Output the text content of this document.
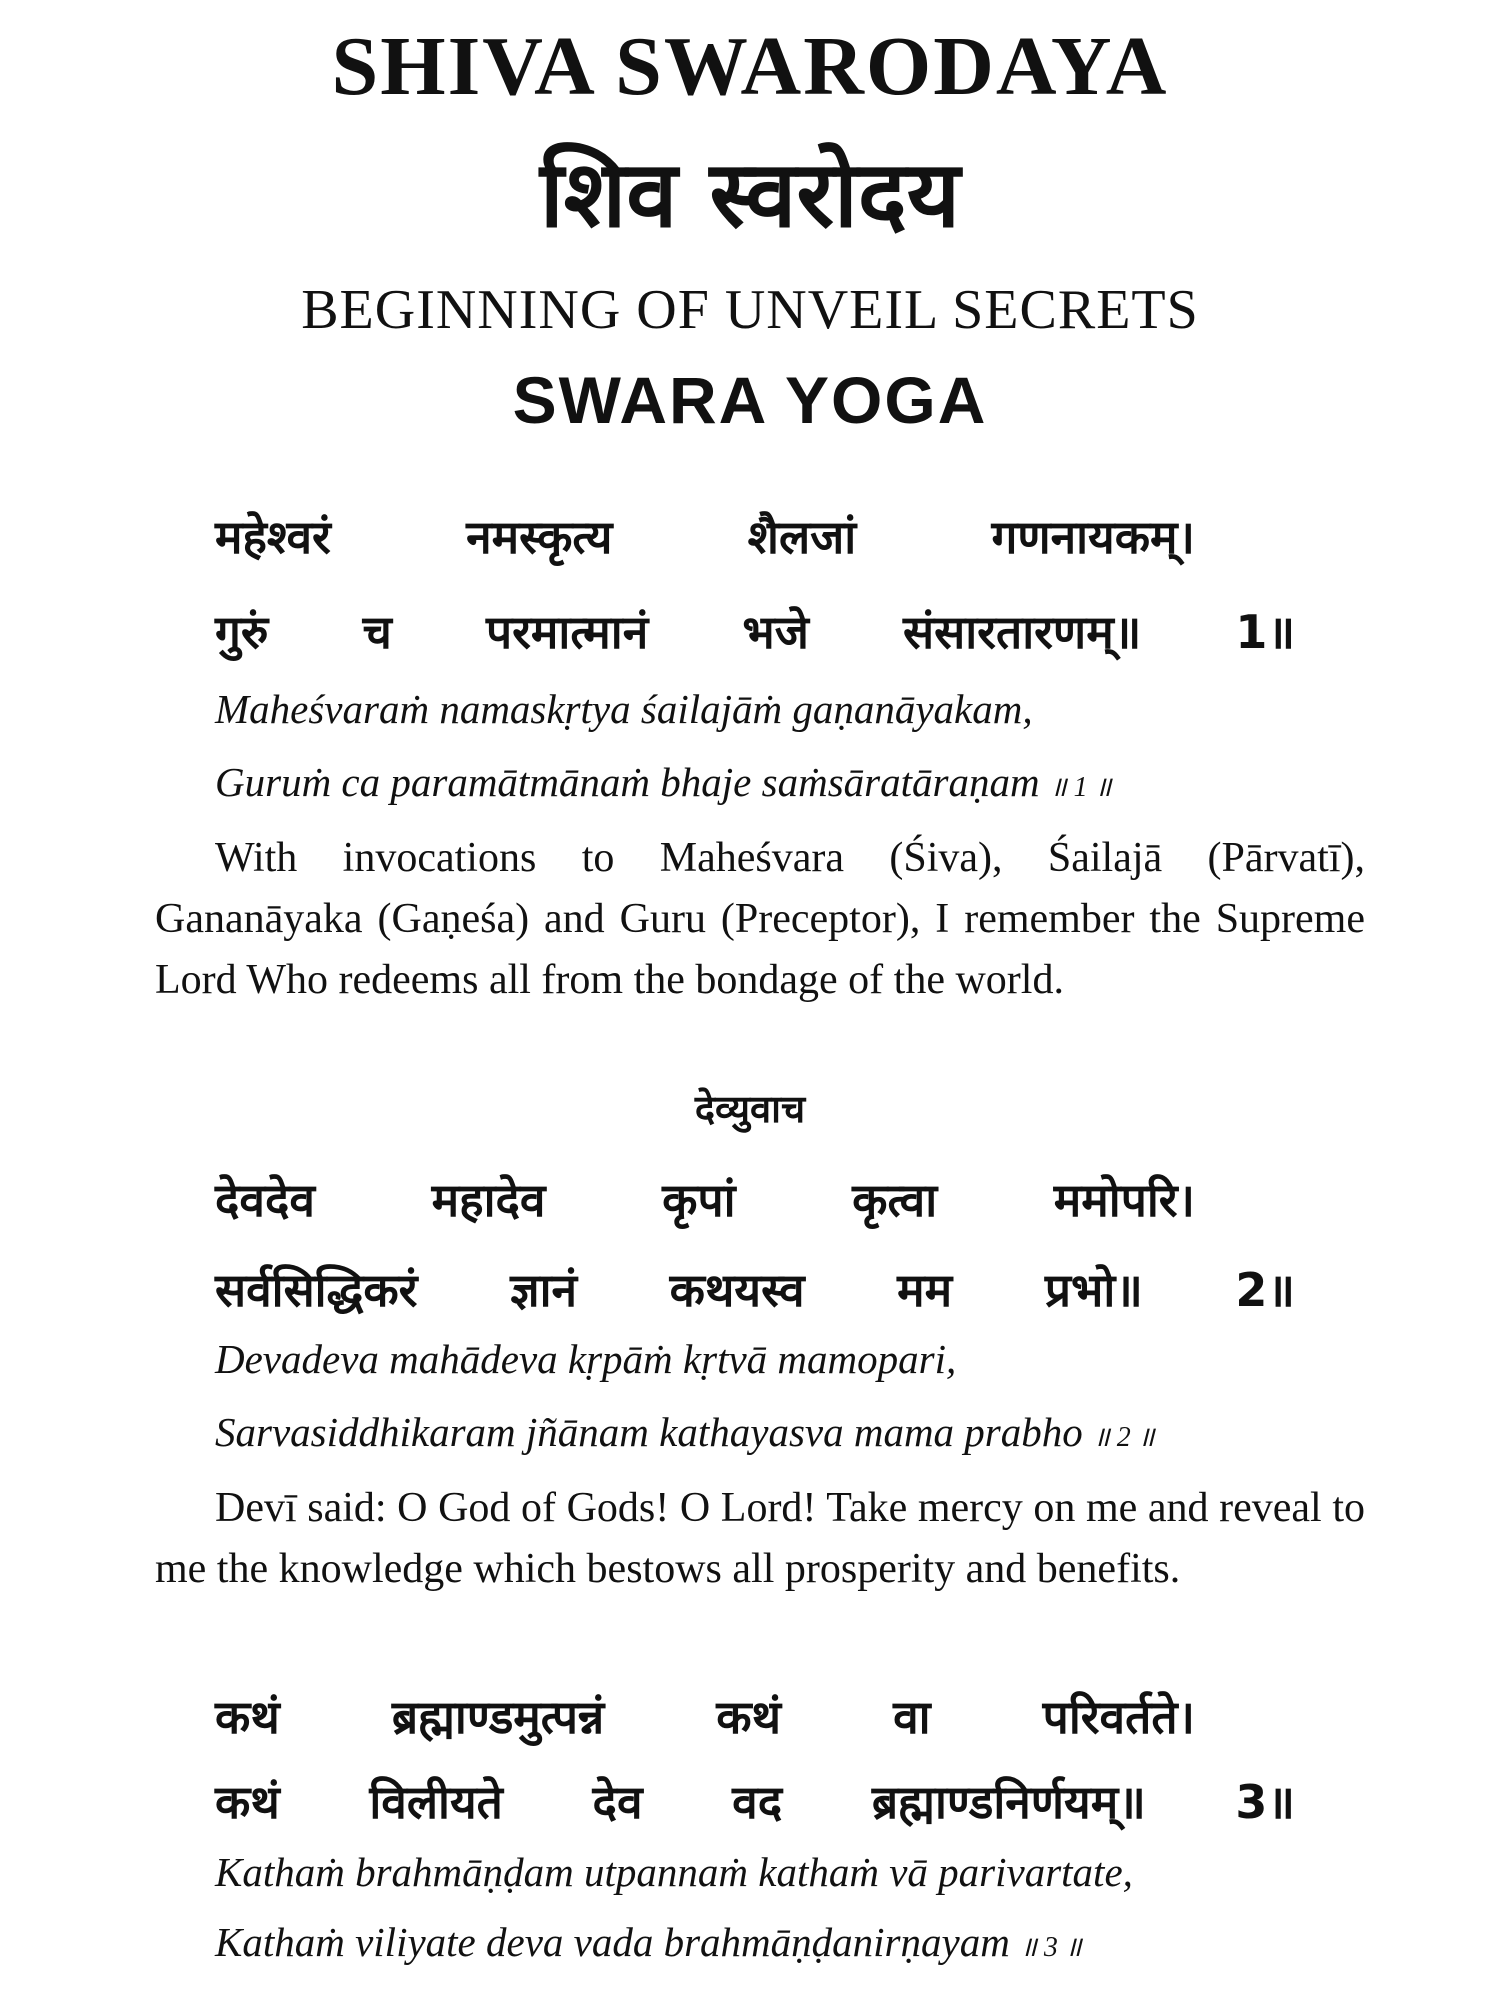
SHIVA SWARODAYA
शिव स्वरोदय
BEGINNING OF UNVEIL SECRETS
SWARA YOGA
महेश्वरं नमस्कृत्य शैलजां गणनायकम्।
गुरुं च परमात्मानं भजे संसारतारणम्॥ 1॥
Maheśvaraṁ namaskṛtya śailajāṁ gaṇanāyakam,
Guruṁ ca paramātmānaṁ bhaje saṁsāratāraṇam ॥ 1 ॥
With invocations to Maheśvara (Śiva), Śailajā (Pārvatī), Gananāyaka (Gaṇeśa) and Guru (Preceptor), I remember the Supreme Lord Who redeems all from the bondage of the world.
देव्युवाच
देवदेव महादेव कृपां कृत्वा ममोपरि।
सर्वसिद्धिकरं ज्ञानं कथयस्व मम प्रभो॥ 2॥
Devadeva mahādeva kṛpāṁ kṛtvā mamopari,
Sarvasiddhikaram jñānam kathayasva mama prabho ॥ 2 ॥
Devī said: O God of Gods! O Lord! Take mercy on me and reveal to me the knowledge which bestows all prosperity and benefits.
कथं ब्रह्माण्डमुत्पन्नं कथं वा परिवर्तते।
कथं विलीयते देव वद ब्रह्माण्डनिर्णयम्॥ 3॥
Kathaṁ brahmāṇḍam utpannaṁ kathaṁ vā parivartate,
Kathaṁ viliyate deva vada brahmāṇḍanirṇayam ॥ 3 ॥
